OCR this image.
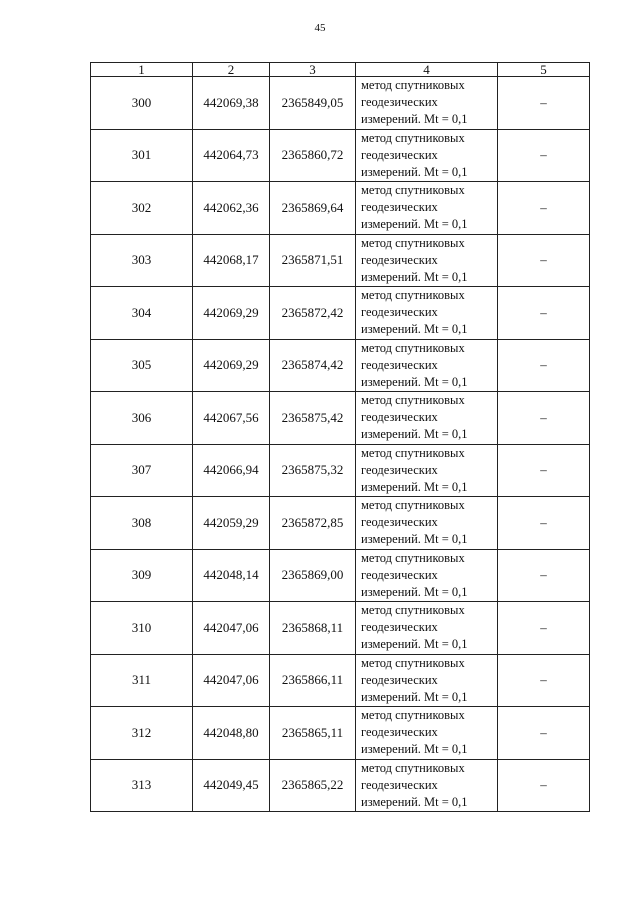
45
1	2	3	4	5
300	442069,38	2365849,05	метод спутниковых
геодезических
измерений. Mt = 0,1	–
301	442064,73	2365860,72	метод спутниковых
геодезических
измерений. Mt = 0,1	–
302	442062,36	2365869,64	метод спутниковых
геодезических
измерений. Mt = 0,1	–
303	442068,17	2365871,51	метод спутниковых
геодезических
измерений. Mt = 0,1	–
304	442069,29	2365872,42	метод спутниковых
геодезических
измерений. Mt = 0,1	–
305	442069,29	2365874,42	метод спутниковых
геодезических
измерений. Mt = 0,1	–
306	442067,56	2365875,42	метод спутниковых
геодезических
измерений. Mt = 0,1	–
307	442066,94	2365875,32	метод спутниковых
геодезических
измерений. Mt = 0,1	–
308	442059,29	2365872,85	метод спутниковых
геодезических
измерений. Mt = 0,1	–
309	442048,14	2365869,00	метод спутниковых
геодезических
измерений. Mt = 0,1	–
310	442047,06	2365868,11	метод спутниковых
геодезических
измерений. Mt = 0,1	–
311	442047,06	2365866,11	метод спутниковых
геодезических
измерений. Mt = 0,1	–
312	442048,80	2365865,11	метод спутниковых
геодезических
измерений. Mt = 0,1	–
313	442049,45	2365865,22	метод спутниковых
геодезических
измерений. Mt = 0,1	–
